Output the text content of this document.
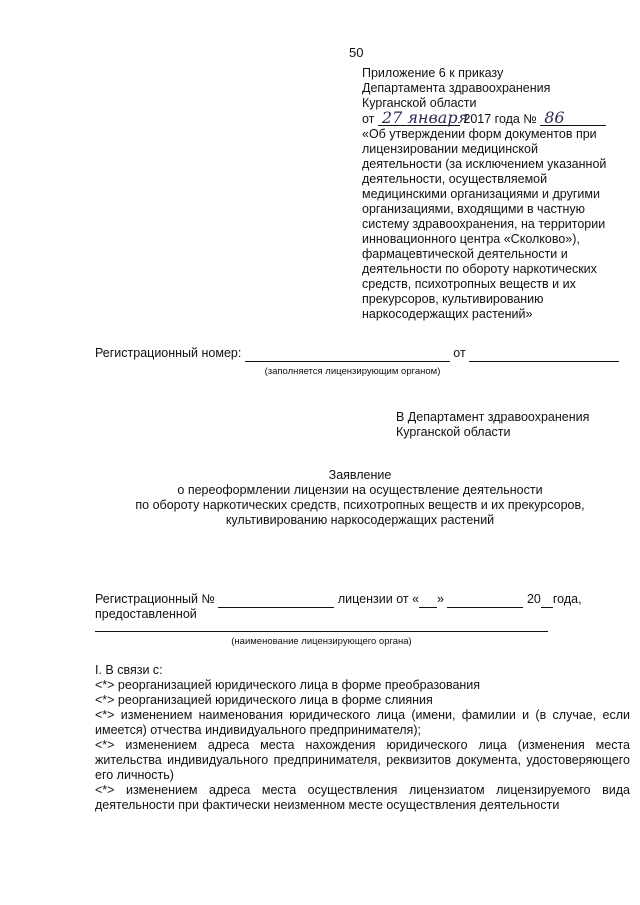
50
Приложение 6 к приказу
Департамента здравоохранения
Курганской области
от 27 января 2017 года № 86
«Об утверждении форм документов при
лицензировании медицинской
деятельности (за исключением указанной
деятельности, осуществляемой
медицинскими организациями и другими
организациями, входящими в частную
систему здравоохранения, на территории
инновационного центра «Сколково»),
фармацевтической деятельности и
деятельности по обороту наркотических
средств, психотропных веществ и их
прекурсоров, культивированию
наркосодержащих растений»
Регистрационный номер:	от
(заполняется лицензирующим органом)
В Департамент здравоохранения
Курганской области
Заявление
о переоформлении лицензии на осуществление деятельности
по обороту наркотических средств, психотропных веществ и их прекурсоров,
культивированию наркосодержащих растений
Регистрационный №	лицензии от « »	20 года,
предоставленной
(наименование лицензирующего органа)
I. В связи с:
<*> реорганизацией юридического лица в форме преобразования
<*> реорганизацией юридического лица в форме слияния
<*> изменением наименования юридического лица (имени, фамилии и (в случае, если имеется) отчества индивидуального предпринимателя);
<*> изменением адреса места нахождения юридического лица (изменения места жительства индивидуального предпринимателя, реквизитов документа, удостоверяющего его личность)
<*> изменением адреса места осуществления лицензиатом лицензируемого вида деятельности при фактически неизменном месте осуществления деятельности
